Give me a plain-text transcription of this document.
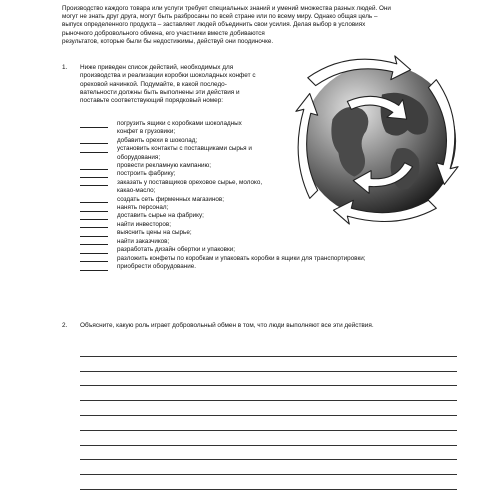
Производство каждого товара или услуги требует специальных знаний и умений множества разных людей. Они

могут не знать друг друга, могут быть разбросаны по всей стране или по всему миру. Однако общая цель –

выпуск определенного продукта – заставляет людей объединить свои усилия. Делая выбор в условиях

рыночного добровольного обмена, его участники вместе добиваются

результатов, которые были бы недостижимы, действуй они поодиночке.

1. Ниже приведен список действий, необходимых для

производства и реализации коробки шоколадных конфет с

ореховой начинкой. Подумайте, в какой последо-

вательности должны быть выполнены эти действия и

поставьте соответствующий порядковый номер:

погрузить ящики с коробками шоколадных
конфет в грузовики;
добавить орехи в шоколад;
установить контакты с поставщиками сырья и
оборудования;
провести рекламную кампанию;
построить фабрику;
заказать у поставщиков ореховое сырье, молоко,
какао-масло;
создать сеть фирменных магазинов;
нанять персонал;
доставить сырье на фабрику;
найти инвесторов;
выяснить цены на сырье;
найти заказчиков;
разработать дизайн обертки и упаковки;
разложить конфеты по коробкам и упаковать коробки в ящики для транспортировки;
приобрести оборудование.
2. Объясните, какую роль играет добровольный обмен в том, что люди выполняют все эти действия.
